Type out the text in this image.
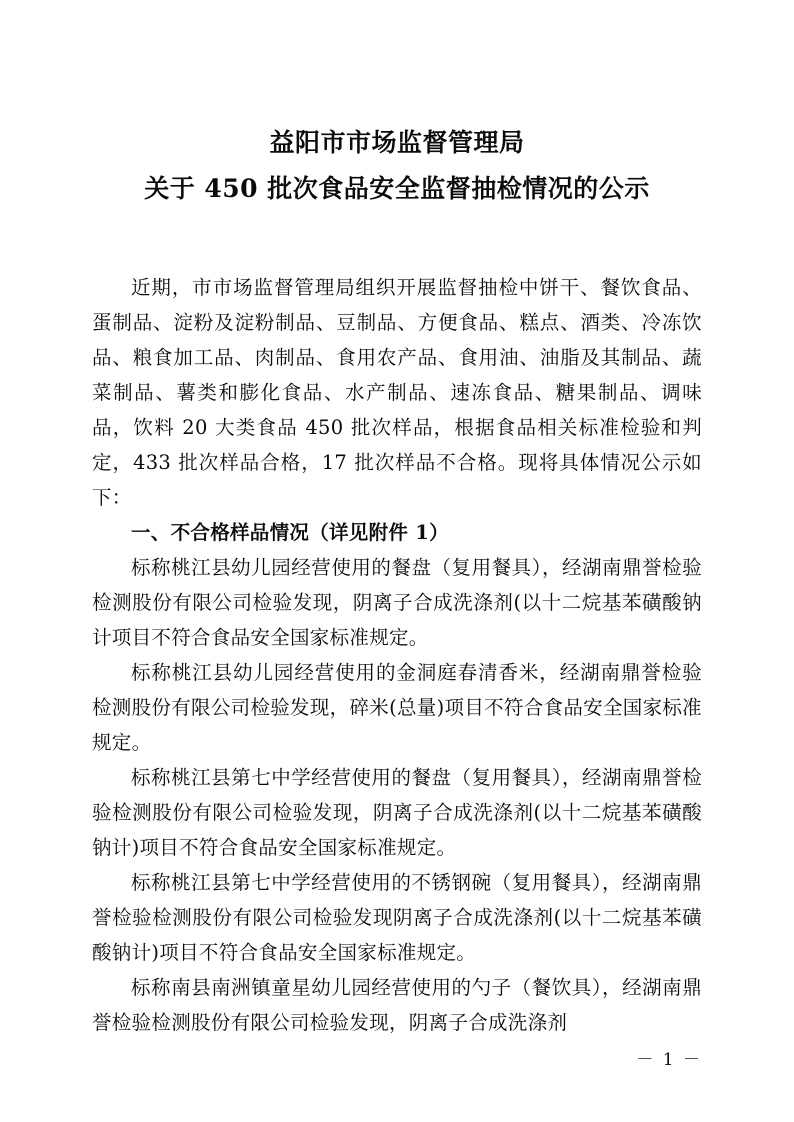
益阳市市场监督管理局
关于 450 批次食品安全监督抽检情况的公示

近期，市市场监督管理局组织开展监督抽检中饼干、餐饮食品、蛋制品、淀粉及淀粉制品、豆制品、方便食品、糕点、酒类、冷冻饮品、粮食加工品、肉制品、食用农产品、食用油、油脂及其制品、蔬菜制品、薯类和膨化食品、水产制品、速冻食品、糖果制品、调味品，饮料 20 大类食品 450 批次样品，根据食品相关标准检验和判定，433 批次样品合格，17 批次样品不合格。现将具体情况公示如下：

一、不合格样品情况（详见附件 1）

标称桃江县幼儿园经营使用的餐盘（复用餐具），经湖南鼎誉检验检测股份有限公司检验发现，阴离子合成洗涤剂(以十二烷基苯磺酸钠计项目不符合食品安全国家标准规定。

标称桃江县幼儿园经营使用的金洞庭春清香米，经湖南鼎誉检验检测股份有限公司检验发现，碎米(总量)项目不符合食品安全国家标准规定。

标称桃江县第七中学经营使用的餐盘（复用餐具），经湖南鼎誉检验检测股份有限公司检验发现，阴离子合成洗涤剂(以十二烷基苯磺酸钠计)项目不符合食品安全国家标准规定。

标称桃江县第七中学经营使用的不锈钢碗（复用餐具），经湖南鼎誉检验检测股份有限公司检验发现阴离子合成洗涤剂(以十二烷基苯磺酸钠计)项目不符合食品安全国家标准规定。

标称南县南洲镇童星幼儿园经营使用的勺子（餐饮具），经湖南鼎誉检验检测股份有限公司检验发现，阴离子合成洗涤剂

－ 1 －
